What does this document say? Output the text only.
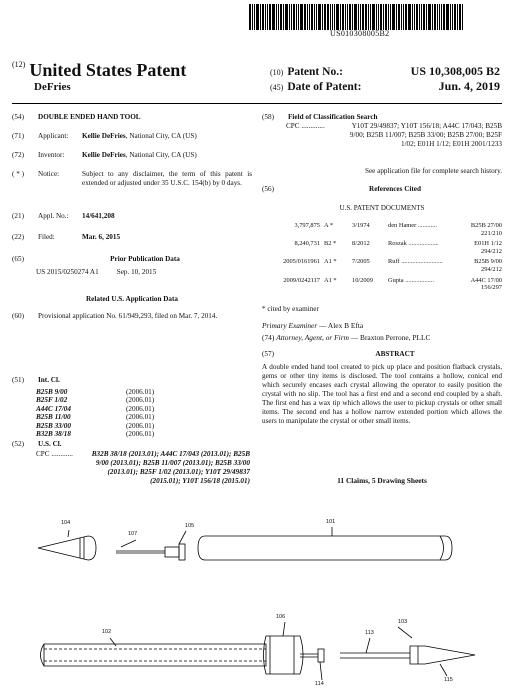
US010308005B2
$^{(12)}$ United States Patent
DeFries
(10) Patent No.:	US 10,308,005 B2
(45) Date of Patent:	Jun. 4, 2019
(54)	DOUBLE ENDED HAND TOOL
(71)	Applicant:	Kellie DeFries, National City, CA (US)
(72)	Inventor:	Kellie DeFries, National City, CA (US)
( * )	Notice:	Subject to any disclaimer, the term of this patent is extended or adjusted under 35 U.S.C. 154(b) by 0 days.
(21)	Appl. No.:	14/641,208
(22)	Filed:	Mar. 6, 2015
(65)	Prior Publication Data
US 2015/0250274 A1	Sep. 10, 2015
Related U.S. Application Data
(60)	Provisional application No. 61/949,293, filed on Mar. 7, 2014.
(51)	Int. Cl.
B25B 9/00	(2006.01)
B25F 1/02	(2006.01)
A44C 17/04	(2006.01)
B25B 11/00	(2006.01)
B25B 33/00	(2006.01)
B32B 38/18	(2006.01)
(52)	U.S. Cl.
CPC ............	B32B 38/18 (2013.01); A44C 17/043 (2013.01); B25B 9/00 (2013.01); B25B 11/007 (2013.01); B25B 33/00 (2013.01); B25F 1/02 (2013.01); Y10T 29/49837 (2015.01); Y10T 156/18 (2015.01)
(58)	Field of Classification Search
CPC .............	Y10T 29/49837; Y10T 156/18; A44C 17/043; B25B 9/00; B25B 11/007; B25B 33/00; B25B 27/00; B25F 1/02; E01H 1/12; E01H 2001/1233
See application file for complete search history.
(56)	References Cited
U.S. PATENT DOCUMENTS
3,797,875 A *	3/1974	den Hamer ............	B25B 27/00
221/210
8,240,731 B2 *	8/2012	Roszak ...................	E01H 1/12
294/212
2005/0161961 A1 *	7/2005	Ruff ..........................	B25B 9/00
294/212
2009/0242117 A1 *	10/2009	Gupta ..................	A44C 17/00
156/297
* cited by examiner
Primary Examiner — Alex B Efta
(74) Attorney, Agent, or Firm — Braxton Perrone, PLLC
(57)	ABSTRACT
A double ended hand tool created to pick up place and position flatback crystals, gems or other tiny items is disclosed. The tool contains a hollow, conical end which securely encases each crystal allowing the operator to easily position the crystal with no slip. The tool has a first end and a second end coupled by a shaft. The first end has a wax tip which allows the user to pickup crystals or other small items. The second end has a hollow narrow extended portion which allows the users to manipulate the crystal or other small items.
11 Claims, 5 Drawing Sheets
104
107
105
101
102
106
113
103
114
115
